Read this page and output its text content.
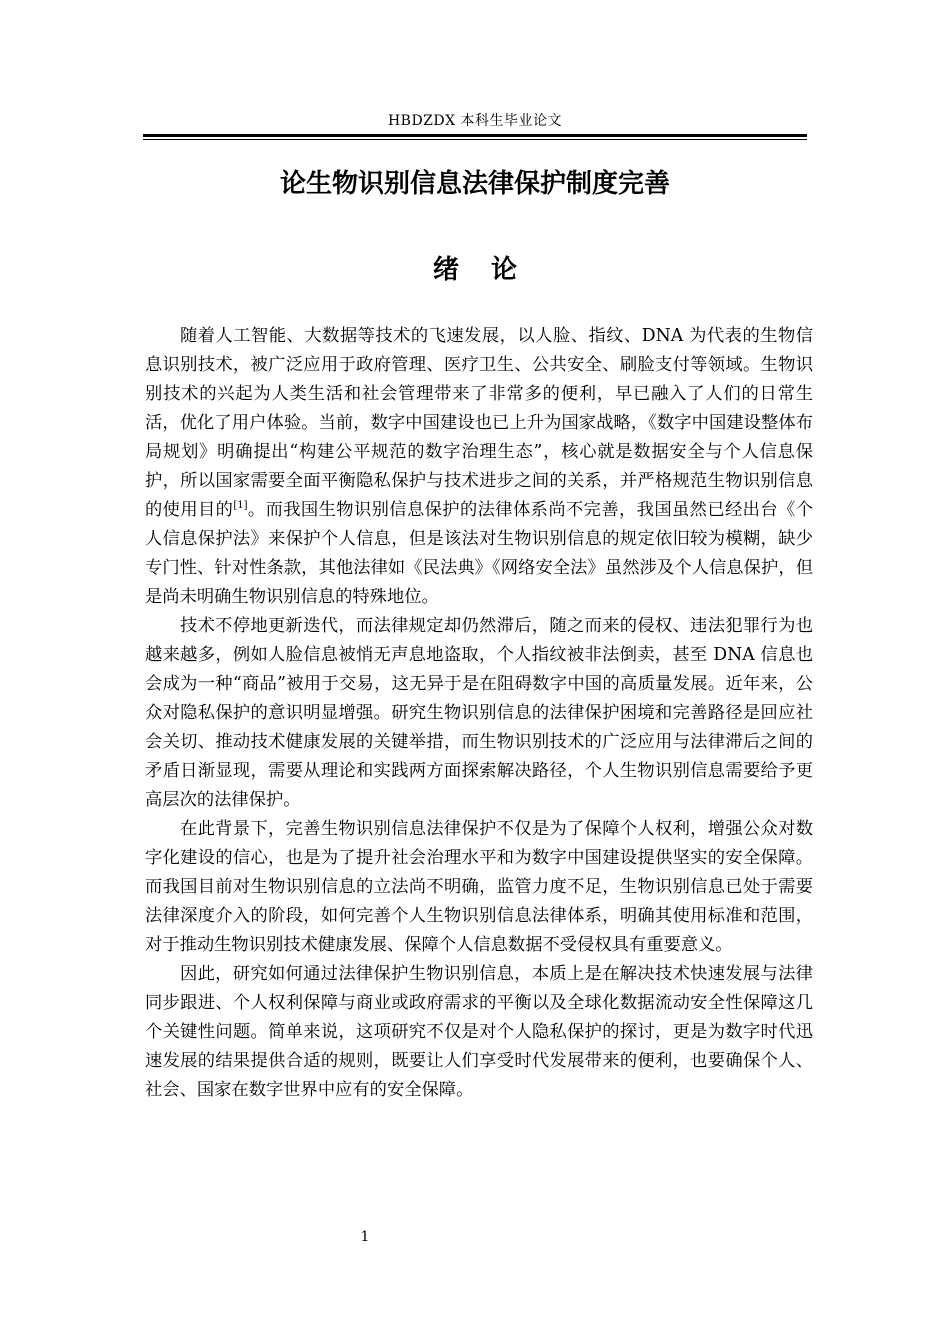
HBDZDX 本科生毕业论文
论生物识别信息法律保护制度完善
绪论

随着人工智能、大数据等技术的飞速发展，以人脸、指纹、DNA 为代表的生物信息识别技术，被广泛应用于政府管理、医疗卫生、公共安全、刷脸支付等领域。生物识别技术的兴起为人类生活和社会管理带来了非常多的便利，早已融入了人们的日常生活，优化了用户体验。当前，数字中国建设也已上升为国家战略，《数字中国建设整体布局规划》明确提出“构建公平规范的数字治理生态”，核心就是数据安全与个人信息保护，所以国家需要全面平衡隐私保护与技术进步之间的关系，并严格规范生物识别信息的使用目的[1]。而我国生物识别信息保护的法律体系尚不完善，我国虽然已经出台《个人信息保护法》来保护个人信息，但是该法对生物识别信息的规定依旧较为模糊，缺少专门性、针对性条款，其他法律如《民法典》《网络安全法》虽然涉及个人信息保护，但是尚未明确生物识别信息的特殊地位。

技术不停地更新迭代，而法律规定却仍然滞后，随之而来的侵权、违法犯罪行为也越来越多，例如人脸信息被悄无声息地盗取，个人指纹被非法倒卖，甚至 DNA 信息也会成为一种“商品”被用于交易，这无异于是在阻碍数字中国的高质量发展。近年来，公众对隐私保护的意识明显增强。研究生物识别信息的法律保护困境和完善路径是回应社会关切、推动技术健康发展的关键举措，而生物识别技术的广泛应用与法律滞后之间的矛盾日渐显现，需要从理论和实践两方面探索解决路径，个人生物识别信息需要给予更高层次的法律保护。

在此背景下，完善生物识别信息法律保护不仅是为了保障个人权利，增强公众对数字化建设的信心，也是为了提升社会治理水平和为数字中国建设提供坚实的安全保障。而我国目前对生物识别信息的立法尚不明确，监管力度不足，生物识别信息已处于需要法律深度介入的阶段，如何完善个人生物识别信息法律体系，明确其使用标准和范围，对于推动生物识别技术健康发展、保障个人信息数据不受侵权具有重要意义。

因此，研究如何通过法律保护生物识别信息，本质上是在解决技术快速发展与法律同步跟进、个人权利保障与商业或政府需求的平衡以及全球化数据流动安全性保障这几个关键性问题。简单来说，这项研究不仅是对个人隐私保护的探讨，更是为数字时代迅速发展的结果提供合适的规则，既要让人们享受时代发展带来的便利，也要确保个人、社会、国家在数字世界中应有的安全保障。

1
